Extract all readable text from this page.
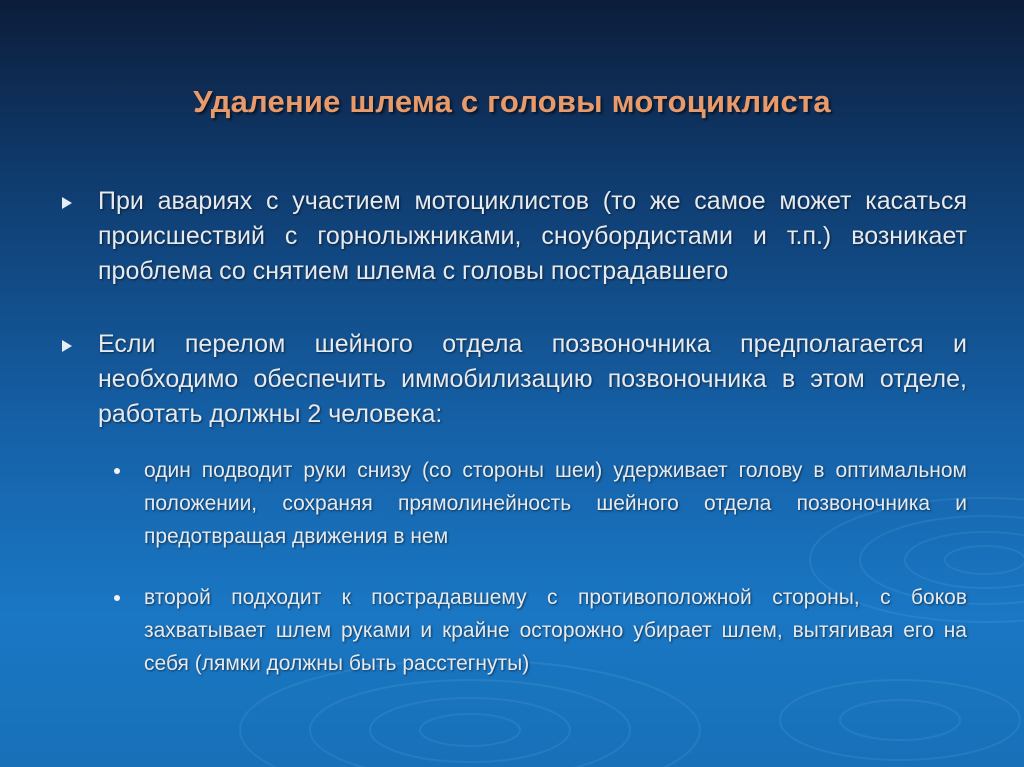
Удаление шлема с головы мотоциклиста
При авариях с участием мотоциклистов (то же самое может касаться происшествий с горнолыжниками, сноубордистами и т.п.) возникает проблема со снятием шлема с головы пострaдавшего
Если перелом шейного отдела позвоночника предполагается и необходимо обеспечить иммобилизацию позвоночника в этом отделе, работать должны 2 человека:
один подводит руки снизу (со стороны шеи) удерживает голову в оптимальном положении, сохраняя прямолинейность шейного отдела позвоночника и предотвращая движения в нем
второй подходит к пострадавшему с противоположной стороны, с боков захватывает шлем руками и крайне осторожно убирает шлем, вытягивая его на себя (лямки должны быть расстегнуты)
